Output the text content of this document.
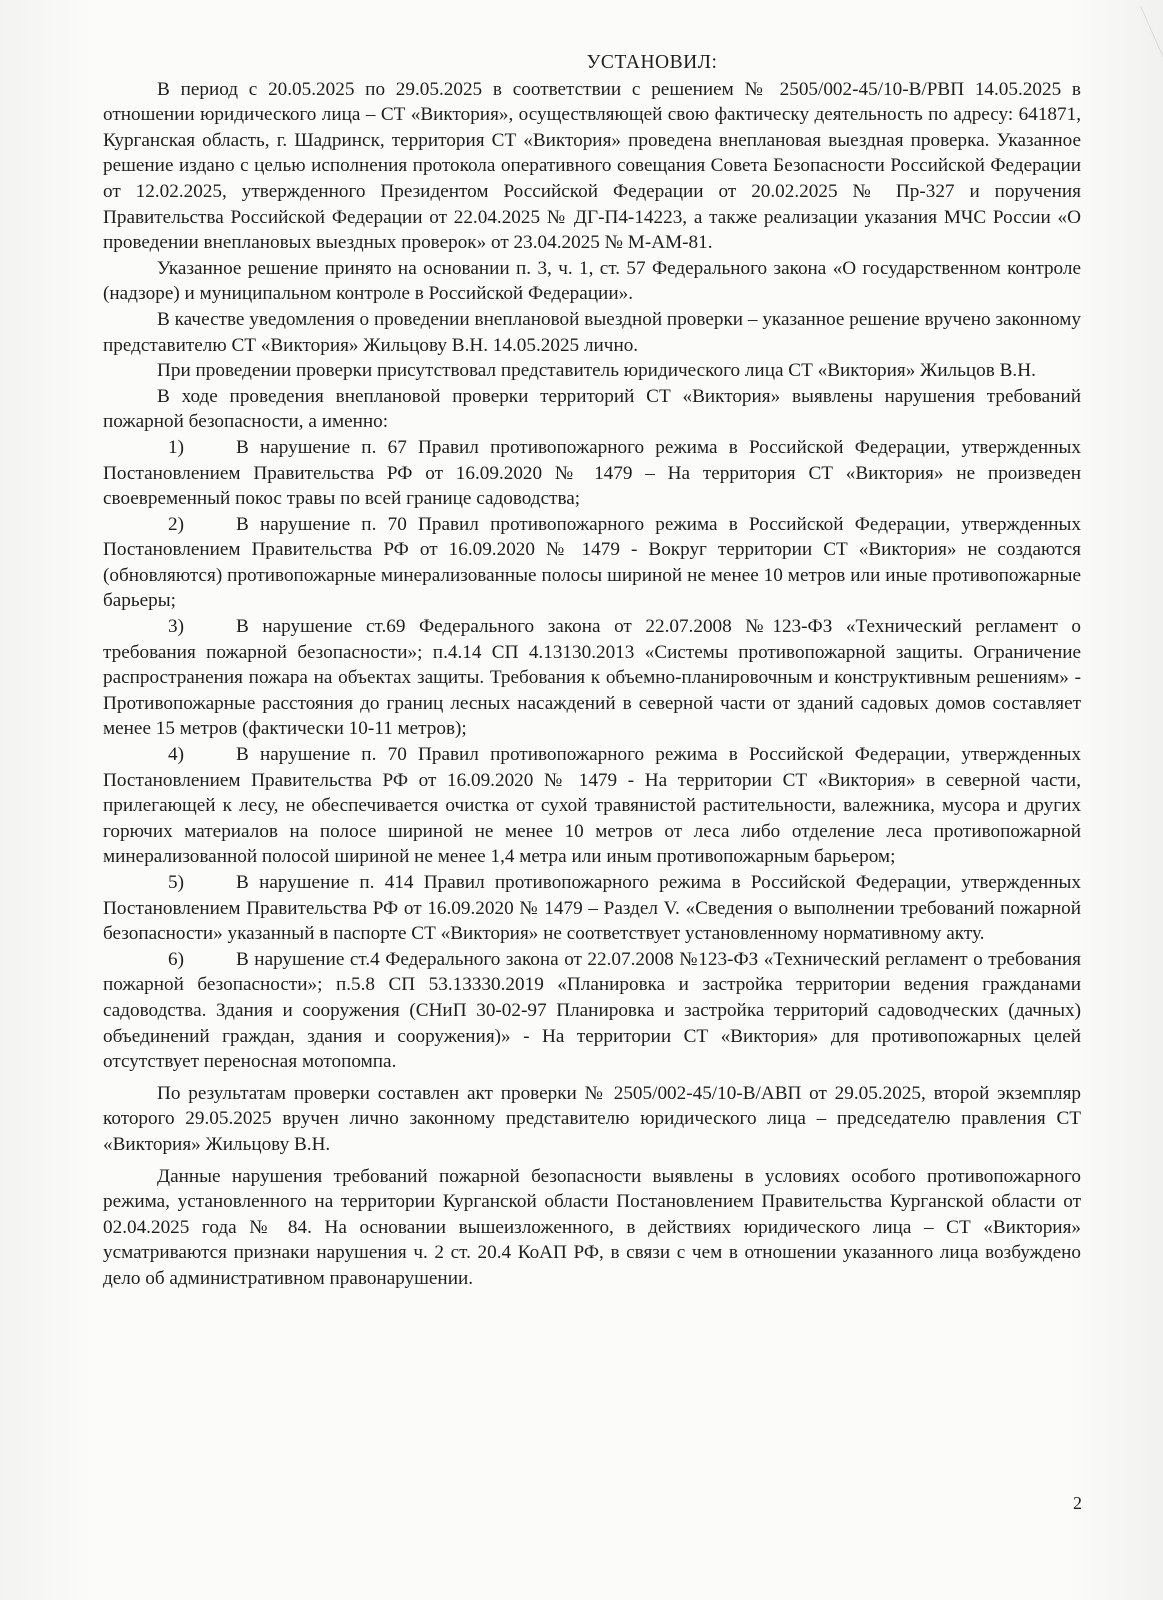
УСТАНОВИЛ:

В период с 20.05.2025 по 29.05.2025 в соответствии с решением № 2505/002-45/10-В/РВП 14.05.2025 в отношении юридического лица – СТ «Виктория», осуществляющей свою фактическу деятельность по адресу: 641871, Курганская область, г. Шадринск, территория СТ «Виктория» проведена внеплановая выездная проверка. Указанное решение издано с целью исполнения протокола оперативного совещания Совета Безопасности Российской Федерации от 12.02.2025, утвержденного Президентом Российской Федерации от 20.02.2025 № Пр-327 и поручения Правительства Российской Федерации от 22.04.2025 № ДГ-П4-14223, а также реализации указания МЧС России «О проведении внеплановых выездных проверок» от 23.04.2025 № М-АМ-81.

Указанное решение принято на основании п. 3, ч. 1, ст. 57 Федерального закона «О государственном контроле (надзоре) и муниципальном контроле в Российской Федерации».

В качестве уведомления о проведении внеплановой выездной проверки – указанное решение вручено законному представителю СТ «Виктория» Жильцову В.Н. 14.05.2025 лично.

При проведении проверки присутствовал представитель юридического лица СТ «Виктория» Жильцов В.Н.

В ходе проведения внеплановой проверки территорий СТ «Виктория» выявлены нарушения требований пожарной безопасности, а именно:

1)	В нарушение п. 67 Правил противопожарного режима в Российской Федерации, утвержденных Постановлением Правительства РФ от 16.09.2020 № 1479 – На территория СТ «Виктория» не произведен своевременный покос травы по всей границе садоводства;

2)	В нарушение п. 70 Правил противопожарного режима в Российской Федерации, утвержденных Постановлением Правительства РФ от 16.09.2020 № 1479 - Вокруг территории СТ «Виктория» не создаются (обновляются) противопожарные минерализованные полосы шириной не менее 10 метров или иные противопожарные барьеры;

3)	В нарушение ст.69 Федерального закона от 22.07.2008 №123-ФЗ «Технический регламент о требования пожарной безопасности»; п.4.14 СП 4.13130.2013 «Системы противопожарной защиты. Ограничение распространения пожара на объектах защиты. Требования к объемно-планировочным и конструктивным решениям» - Противопожарные расстояния до границ лесных насаждений в северной части от зданий садовых домов составляет менее 15 метров (фактически 10-11 метров);

4)	В нарушение п. 70 Правил противопожарного режима в Российской Федерации, утвержденных Постановлением Правительства РФ от 16.09.2020 № 1479 - На территории СТ «Виктория» в северной части, прилегающей к лесу, не обеспечивается очистка от сухой травянистой растительности, валежника, мусора и других горючих материалов на полосе шириной не менее 10 метров от леса либо отделение леса противопожарной минерализованной полосой шириной не менее 1,4 метра или иным противопожарным барьером;

5)	В нарушение п. 414 Правил противопожарного режима в Российской Федерации, утвержденных Постановлением Правительства РФ от 16.09.2020 № 1479 – Раздел V. «Сведения о выполнении требований пожарной безопасности» указанный в паспорте СТ «Виктория» не соответствует установленному нормативному акту.

6)	В нарушение ст.4 Федерального закона от 22.07.2008 №123-ФЗ «Технический регламент о требования пожарной безопасности»; п.5.8 СП 53.13330.2019 «Планировка и застройка территории ведения гражданами садоводства. Здания и сооружения (СНиП 30-02-97 Планировка и застройка территорий садоводческих (дачных) объединений граждан, здания и сооружения)» - На территории СТ «Виктория» для противопожарных целей отсутствует переносная мотопомпа.

По результатам проверки составлен акт проверки № 2505/002-45/10-В/АВП от 29.05.2025, второй экземпляр которого 29.05.2025 вручен лично законному представителю юридического лица – председателю правления СТ «Виктория» Жильцову В.Н.

Данные нарушения требований пожарной безопасности выявлены в условиях особого противопожарного режима, установленного на территории Курганской области Постановлением Правительства Курганской области от 02.04.2025 года № 84. На основании вышеизложенного, в действиях юридического лица – СТ «Виктория» усматриваются признаки нарушения ч. 2 ст. 20.4 КоАП РФ, в связи с чем в отношении указанного лица возбуждено дело об административном правонарушении.

2
